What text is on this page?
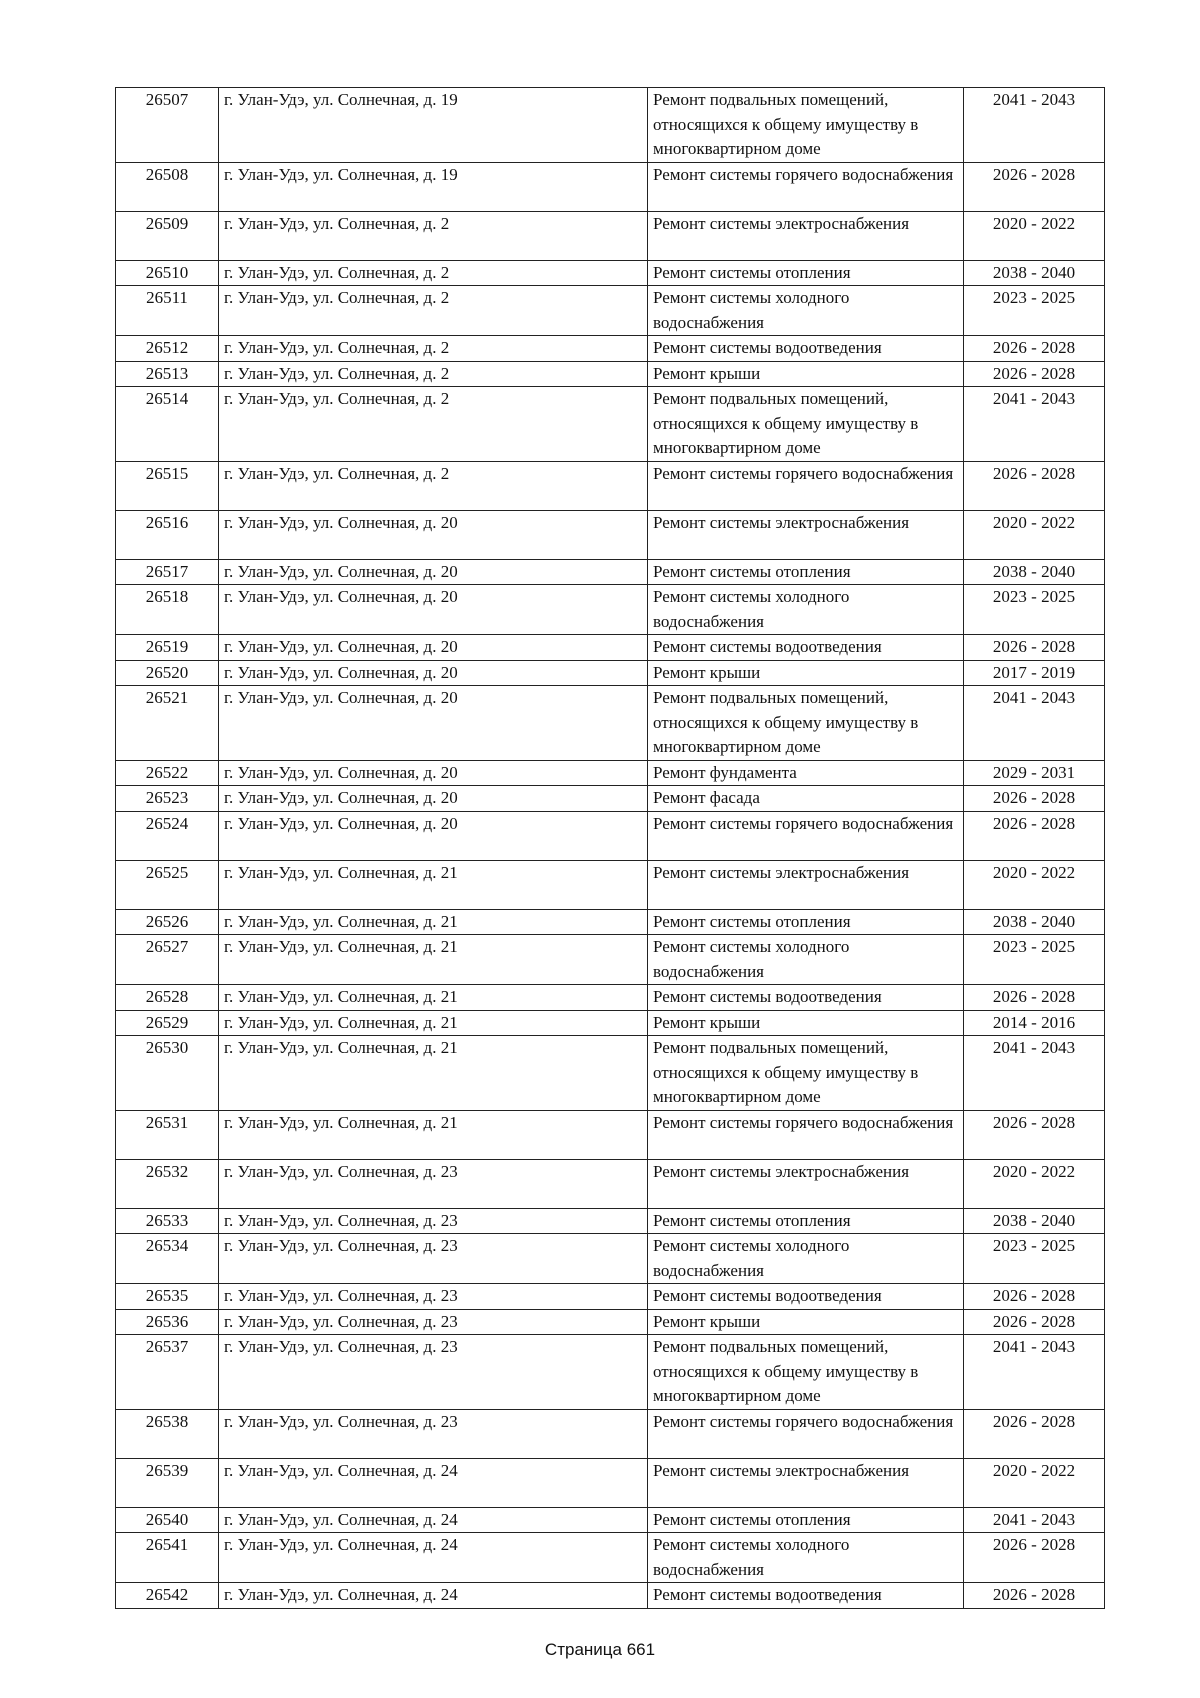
26507	г. Улан-Удэ, ул. Солнечная, д. 19	Ремонт подвальных помещений, относящихся к общему имуществу в многоквартирном доме	2041 - 2043
26508	г. Улан-Удэ, ул. Солнечная, д. 19	Ремонт системы горячего водоснабжения	2026 - 2028
26509	г. Улан-Удэ, ул. Солнечная, д. 2	Ремонт системы электроснабжения	2020 - 2022
26510	г. Улан-Удэ, ул. Солнечная, д. 2	Ремонт системы отопления	2038 - 2040
26511	г. Улан-Удэ, ул. Солнечная, д. 2	Ремонт системы холодного водоснабжения	2023 - 2025
26512	г. Улан-Удэ, ул. Солнечная, д. 2	Ремонт системы водоотведения	2026 - 2028
26513	г. Улан-Удэ, ул. Солнечная, д. 2	Ремонт крыши	2026 - 2028
26514	г. Улан-Удэ, ул. Солнечная, д. 2	Ремонт подвальных помещений, относящихся к общему имуществу в многоквартирном доме	2041 - 2043
26515	г. Улан-Удэ, ул. Солнечная, д. 2	Ремонт системы горячего водоснабжения	2026 - 2028
26516	г. Улан-Удэ, ул. Солнечная, д. 20	Ремонт системы электроснабжения	2020 - 2022
26517	г. Улан-Удэ, ул. Солнечная, д. 20	Ремонт системы отопления	2038 - 2040
26518	г. Улан-Удэ, ул. Солнечная, д. 20	Ремонт системы холодного водоснабжения	2023 - 2025
26519	г. Улан-Удэ, ул. Солнечная, д. 20	Ремонт системы водоотведения	2026 - 2028
26520	г. Улан-Удэ, ул. Солнечная, д. 20	Ремонт крыши	2017 - 2019
26521	г. Улан-Удэ, ул. Солнечная, д. 20	Ремонт подвальных помещений, относящихся к общему имуществу в многоквартирном доме	2041 - 2043
26522	г. Улан-Удэ, ул. Солнечная, д. 20	Ремонт фундамента	2029 - 2031
26523	г. Улан-Удэ, ул. Солнечная, д. 20	Ремонт фасада	2026 - 2028
26524	г. Улан-Удэ, ул. Солнечная, д. 20	Ремонт системы горячего водоснабжения	2026 - 2028
26525	г. Улан-Удэ, ул. Солнечная, д. 21	Ремонт системы электроснабжения	2020 - 2022
26526	г. Улан-Удэ, ул. Солнечная, д. 21	Ремонт системы отопления	2038 - 2040
26527	г. Улан-Удэ, ул. Солнечная, д. 21	Ремонт системы холодного водоснабжения	2023 - 2025
26528	г. Улан-Удэ, ул. Солнечная, д. 21	Ремонт системы водоотведения	2026 - 2028
26529	г. Улан-Удэ, ул. Солнечная, д. 21	Ремонт крыши	2014 - 2016
26530	г. Улан-Удэ, ул. Солнечная, д. 21	Ремонт подвальных помещений, относящихся к общему имуществу в многоквартирном доме	2041 - 2043
26531	г. Улан-Удэ, ул. Солнечная, д. 21	Ремонт системы горячего водоснабжения	2026 - 2028
26532	г. Улан-Удэ, ул. Солнечная, д. 23	Ремонт системы электроснабжения	2020 - 2022
26533	г. Улан-Удэ, ул. Солнечная, д. 23	Ремонт системы отопления	2038 - 2040
26534	г. Улан-Удэ, ул. Солнечная, д. 23	Ремонт системы холодного водоснабжения	2023 - 2025
26535	г. Улан-Удэ, ул. Солнечная, д. 23	Ремонт системы водоотведения	2026 - 2028
26536	г. Улан-Удэ, ул. Солнечная, д. 23	Ремонт крыши	2026 - 2028
26537	г. Улан-Удэ, ул. Солнечная, д. 23	Ремонт подвальных помещений, относящихся к общему имуществу в многоквартирном доме	2041 - 2043
26538	г. Улан-Удэ, ул. Солнечная, д. 23	Ремонт системы горячего водоснабжения	2026 - 2028
26539	г. Улан-Удэ, ул. Солнечная, д. 24	Ремонт системы электроснабжения	2020 - 2022
26540	г. Улан-Удэ, ул. Солнечная, д. 24	Ремонт системы отопления	2041 - 2043
26541	г. Улан-Удэ, ул. Солнечная, д. 24	Ремонт системы холодного водоснабжения	2026 - 2028
26542	г. Улан-Удэ, ул. Солнечная, д. 24	Ремонт системы водоотведения	2026 - 2028
Страница 661
